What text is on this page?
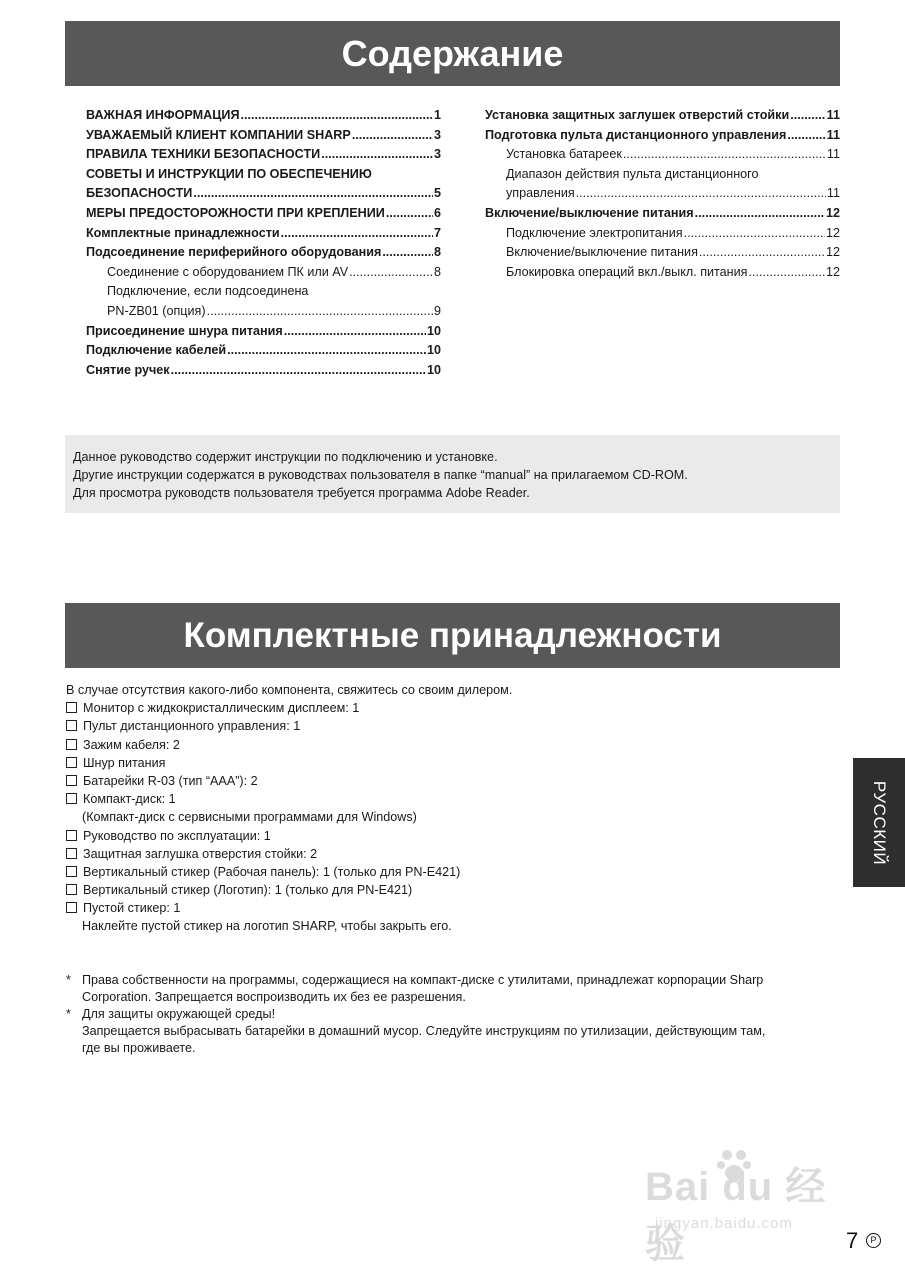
Содержание
ВАЖНАЯ ИНФОРМАЦИЯ .....	1
УВАЖАЕМЫЙ КЛИЕНТ КОМПАНИИ SHARP .....	3
ПРАВИЛА ТЕХНИКИ БЕЗОПАСНОСТИ .....	3
СОВЕТЫ И ИНСТРУКЦИИ ПО ОБЕСПЕЧЕНИЮ
БЕЗОПАСНОСТИ .....	5
МЕРЫ ПРЕДОСТОРОЖНОСТИ ПРИ КРЕПЛЕНИИ .....	6
Комплектные принадлежности .....	7
Подсоединение периферийного оборудования .....	8
Соединение с оборудованием ПК или AV .....	8
Подключение, если подсоединена
PN-ZB01 (опция) .....	9
Присоединение шнура питания .....	10
Подключение кабелей .....	10
Снятие ручек .....	10
Установка защитных заглушек отверстий стойки .....	11
Подготовка пульта дистанционного управления .....	11
Установка батареек .....	11
Диапазон действия пульта дистанционного
управления .....	11
Включение/выключение питания .....	12
Подключение электропитания .....	12
Включение/выключение питания .....	12
Блокировка операций вкл./выкл. питания .....	12
Данное руководство содержит инструкции по подключению и установке.
Другие инструкции содержатся в руководствах пользователя в папке “manual” на прилагаемом CD-ROM.
Для просмотра руководств пользователя требуется программа Adobe Reader.
Комплектные принадлежности
В случае отсутствия какого-либо компонента, свяжитесь со своим дилером.
Монитор с жидкокристаллическим дисплеем: 1
Пульт дистанционного управления: 1
Зажим кабеля: 2
Шнур питания
Батарейки R-03 (тип “AAA”): 2
Компакт-диск: 1
(Компакт-диск с сервисными программами для Windows)
Руководство по эксплуатации: 1
Защитная заглушка отверстия стойки: 2
Вертикальный стикер (Рабочая панель): 1 (только для PN-E421)
Вертикальный стикер (Логотип): 1 (только для PN-E421)
Пустой стикер: 1
Наклейте пустой стикер на логотип SHARP, чтобы закрыть его.
* Права собственности на программы, содержащиеся на компакт-диске с утилитами, принадлежат корпорации Sharp
Corporation. Запрещается воспроизводить их без ее разрешения.
* Для защиты окружающей среды!
Запрещается выбрасывать батарейки в домашний мусор. Следуйте инструкциям по утилизации, действующим там,
где вы проживаете.
РУССКИЙ
Bai du 经验
jingyan.baidu.com
7	P
